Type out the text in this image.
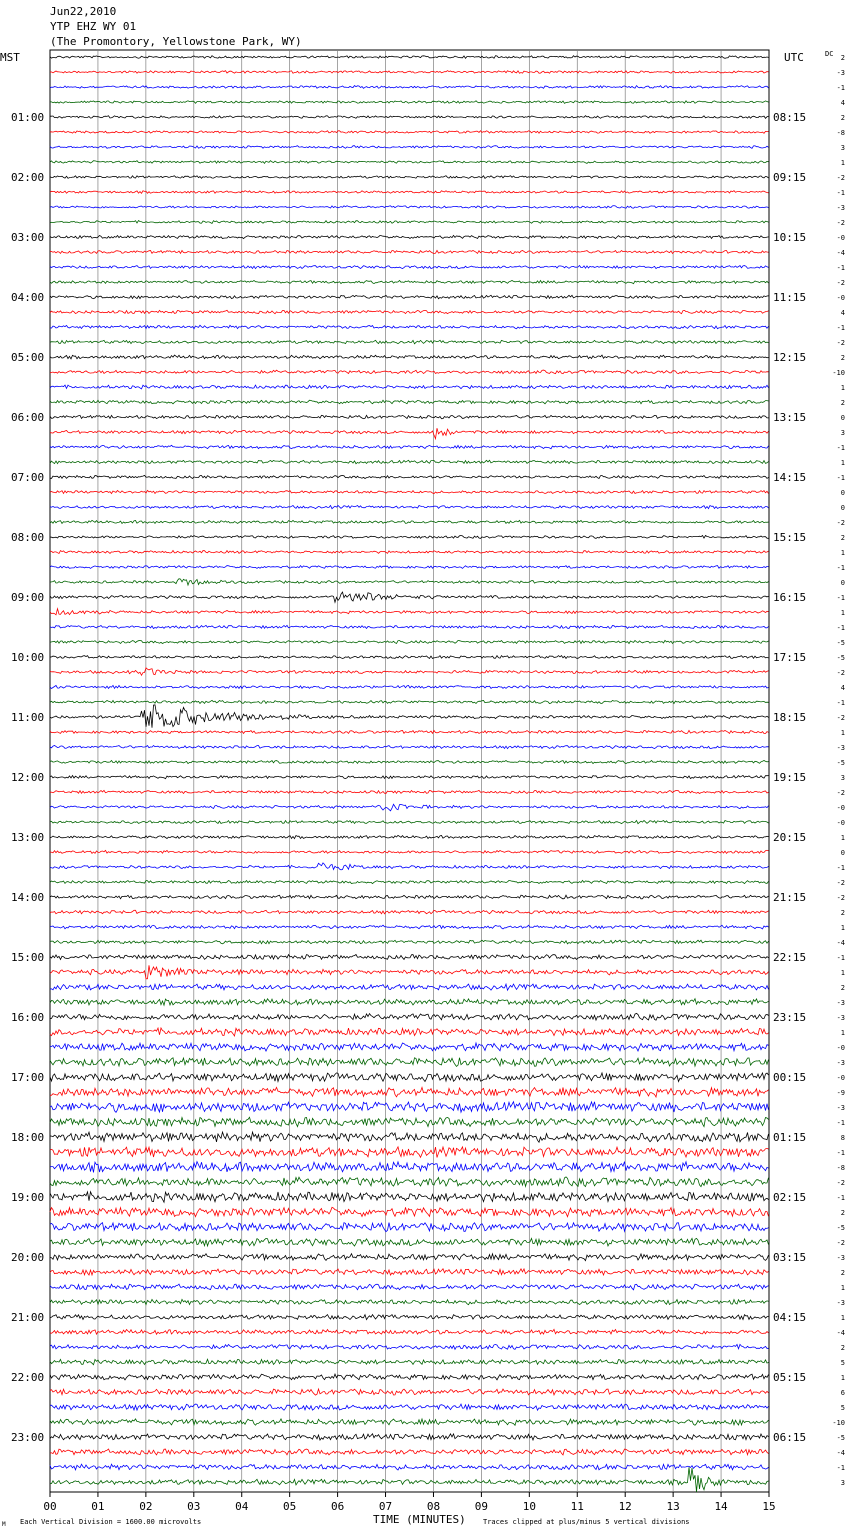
Jun22,2010
YTP EHZ WY 01
(The Promontory, Yellowstone Park, WY)
MST	UTC	DC
01:00
02:00
03:00
04:00
05:00
06:00
07:00
08:00
09:00
10:00
11:00
12:00
13:00
14:00
15:00
16:00
17:00
18:00
19:00
20:00
21:00
22:00
23:00
08:15
09:15
10:15
11:15
12:15
13:15
14:15
15:15
16:15
17:15
18:15
19:15
20:15
21:15
22:15
23:15
00:15
01:15
02:15
03:15
04:15
05:15
06:15
2
-3
-1
4
2
-8
3
1
-2
-1
-3
-2
-0
-4
-1
-2
-0
4
-1
-2
2
-10
1
2
0
3
-1
1
-1
0
0
-2
2
1
-1
0
-1
1
-1
-5
-5
-2
4
-1
-2
1
-3
-5
3
-2
-0
-0
1
0
-1
-2
-2
2
1
-4
-1
1
2
-3
-3
1
-0
-3
-0
-9
-3
-1
8
-1
-8
-2
-1
2
-5
-2
-3
2
1
-3
1
-4
2
5
1
6
5
-10
-5
-4
-1
3
00	01	02	03	04	05	06	07	08	09	10	11	12	13	14	15
TIME (MINUTES)
Each Vertical Division = 1600.00 microvolts	Traces clipped at plus/minus 5 vertical divisions
M
